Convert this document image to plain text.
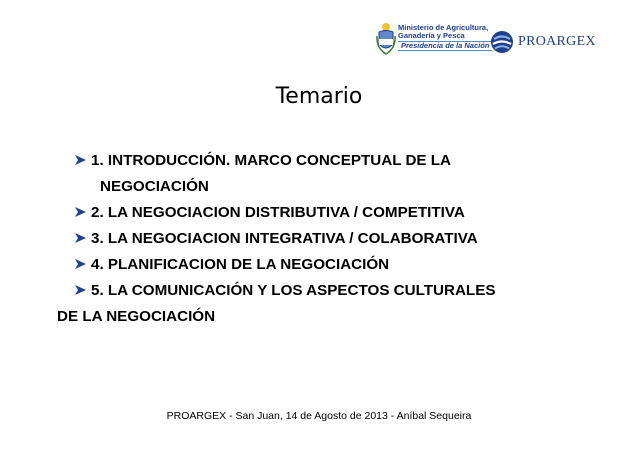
Ministerio de Agricultura,
Ganadería y Pesca
Presidencia de la Nación PROARGEX
Temario
1. INTRODUCCIÓN. MARCO CONCEPTUAL DE LA
NEGOCIACIÓN
2. LA NEGOCIACION DISTRIBUTIVA / COMPETITIVA
3. LA NEGOCIACION INTEGRATIVA / COLABORATIVA
4. PLANIFICACION DE LA NEGOCIACIÓN
5. LA COMUNICACIÓN Y LOS ASPECTOS CULTURALES
DE LA NEGOCIACIÓN
PROARGEX - San Juan, 14 de Agosto de 2013 - Aníbal Sequeira
